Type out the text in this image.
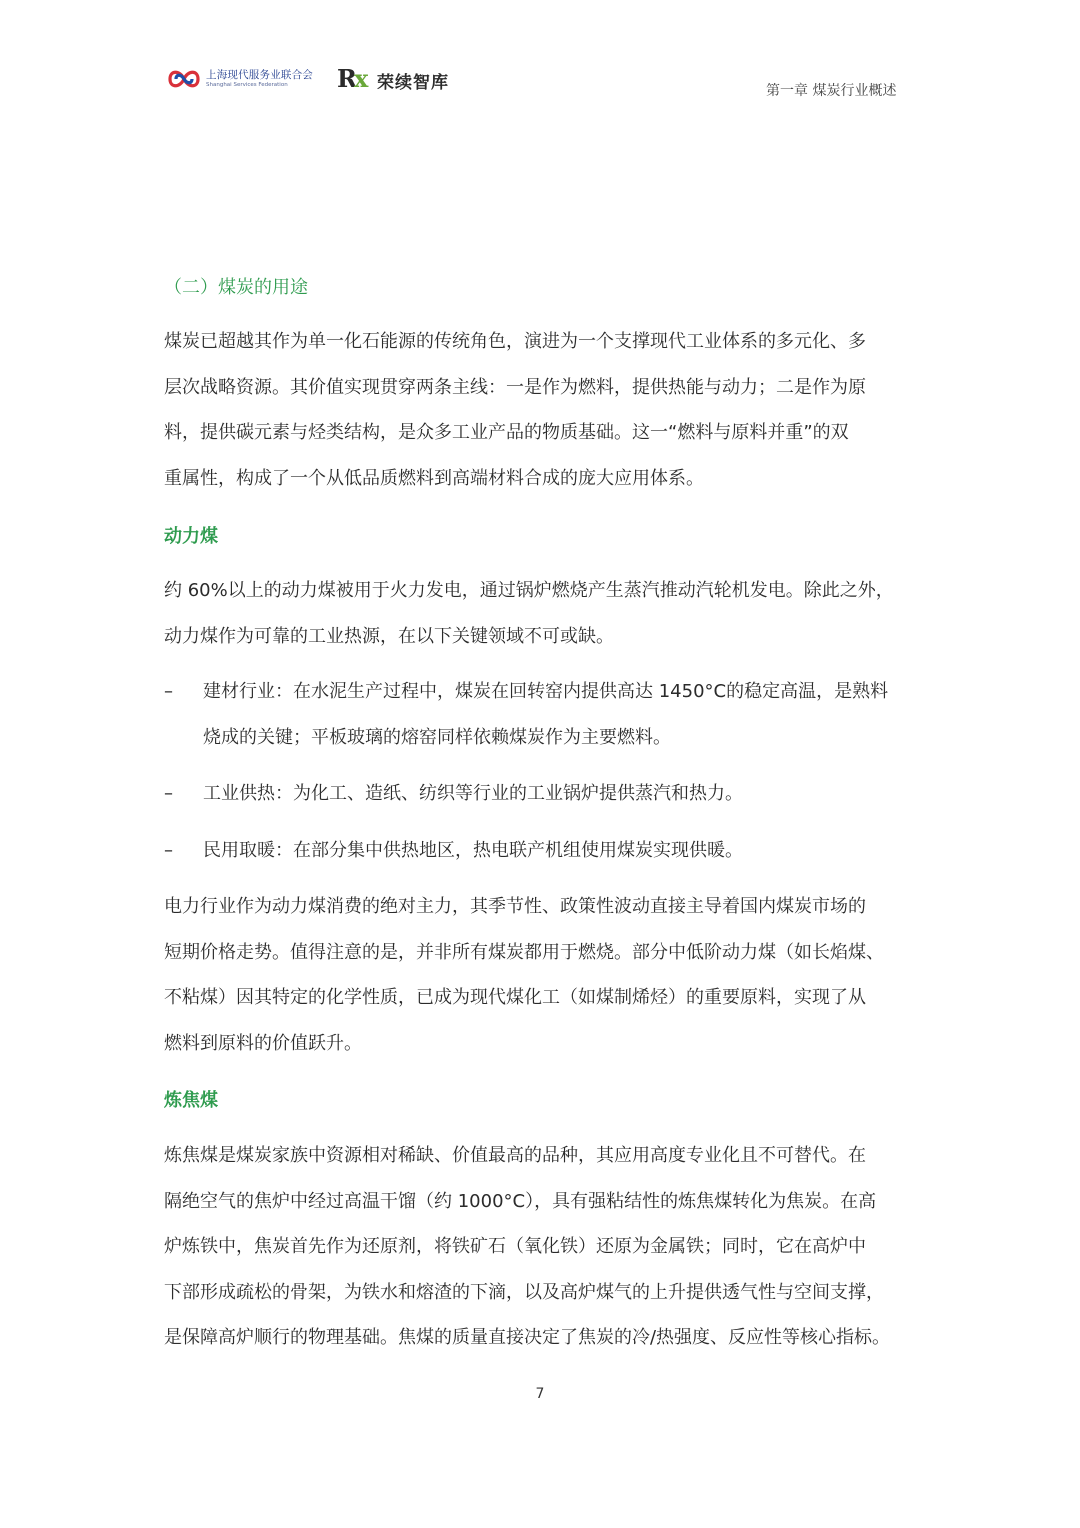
上海现代服务业联合会
Shanghai Services Federation Rx 荣续智库	第一章 煤炭行业概述
（二）煤炭的用途
煤炭已超越其作为单一化石能源的传统角色，演进为一个支撑现代工业体系的多元化、多
层次战略资源。其价值实现贯穿两条主线：一是作为燃料，提供热能与动力；二是作为原
料，提供碳元素与烃类结构，是众多工业产品的物质基础。这一“燃料与原料并重”的双
重属性，构成了一个从低品质燃料到高端材料合成的庞大应用体系。
动力煤
约 60%以上的动力煤被用于火力发电，通过锅炉燃烧产生蒸汽推动汽轮机发电。除此之外，
动力煤作为可靠的工业热源，在以下关键领域不可或缺。
–	建材行业：在水泥生产过程中，煤炭在回转窑内提供高达 1450°C的稳定高温，是熟料
烧成的关键；平板玻璃的熔窑同样依赖煤炭作为主要燃料。
–	工业供热：为化工、造纸、纺织等行业的工业锅炉提供蒸汽和热力。
–	民用取暖：在部分集中供热地区，热电联产机组使用煤炭实现供暖。
电力行业作为动力煤消费的绝对主力，其季节性、政策性波动直接主导着国内煤炭市场的
短期价格走势。值得注意的是，并非所有煤炭都用于燃烧。部分中低阶动力煤（如长焰煤、
不粘煤）因其特定的化学性质，已成为现代煤化工（如煤制烯烃）的重要原料，实现了从
燃料到原料的价值跃升。
炼焦煤
炼焦煤是煤炭家族中资源相对稀缺、价值最高的品种，其应用高度专业化且不可替代。在
隔绝空气的焦炉中经过高温干馏（约 1000°C），具有强粘结性的炼焦煤转化为焦炭。在高
炉炼铁中，焦炭首先作为还原剂，将铁矿石（氧化铁）还原为金属铁；同时，它在高炉中
下部形成疏松的骨架，为铁水和熔渣的下滴，以及高炉煤气的上升提供透气性与空间支撑，
是保障高炉顺行的物理基础。焦煤的质量直接决定了焦炭的冷/热强度、反应性等核心指标。
7
